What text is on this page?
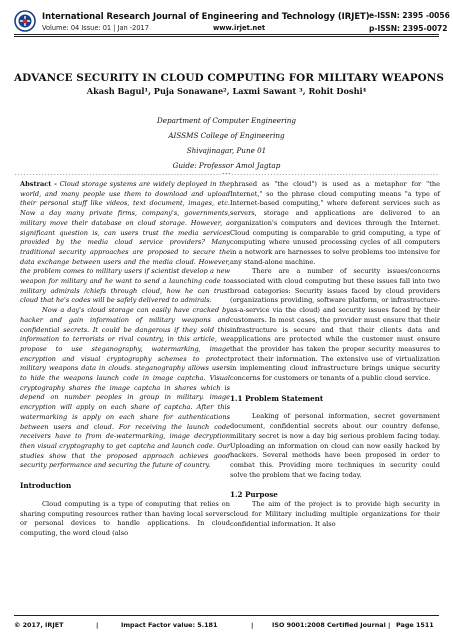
International Research Journal of Engineering and Technology (IRJET) e-ISSN: 2395 -0056
Volume: 04 Issue: 01 | Jan -2017	www.irjet.net	p-ISSN: 2395-0072
ADVANCE SECURITY IN CLOUD COMPUTING FOR MILITARY WEAPONS
Akash Bagul¹, Puja Sonawane², Laxmi Sawant ³, Rohit Doshi⁴
Department of Computer Engineering
AISSMS College of Engineering
Shivajinagar, Pune 01
Guide: Professor Amol Jagtap
---------------------------------------------------------------------***---------------------------------------------------------------------

Abstract - Cloud storage systems are widely deployed in the world, and many people use them to download and upload their personal stuff like videos, text document, images, etc. Now a day many private firms, company's, governments, military move their database on cloud storage. However, a significant question is, can users trust the media services provided by the media cloud service providers? Many traditional security approaches are proposed to secure the data exchange between users and the media cloud. However, the problem comes to military users if scientist develop a new weapon for military and he want to send a launching code to military admirals /chiefs through cloud, how he can trust cloud that he's codes will be safely delivered to admirals.

Now a day's cloud storage can easily have cracked by hacker and gain information of military weapons and confidential secrets. It could be dangerous if they sold this information to terrorists or rival country, in this article, we propose to use steganography, watermarking, image encryption and visual cryptography schemes to protect military weapons data in clouds. steganography allows users to hide the weapons launch code in image captcha. Visual cryptography shares the image captcha in shares which is depend on number peoples in group in military. image encryption will apply on each share of captcha. After this watermarking is apply on each share for authentications between users and cloud. For receiving the launch code receivers have to from de-watermarking, image decryption then visual cryptography to get captcha and launch code. Our studies show that the proposed approach achieves good security performance and securing the future of country.

Introduction

Cloud computing is a type of computing that relies on sharing computing resources rather than having local servers or personal devices to handle applications. In cloud computing, the word cloud (also

phrased as "the cloud") is used as a metaphor for "the Internet," so the phrase cloud computing means "a type of Internet-based computing," where deferent services such as servers, storage and applications are delivered to an organization's computers and devices through the Internet. Cloud computing is comparable to grid computing, a type of computing where unused processing cycles of all computers in a network are harnesses to solve problems too intensive for any stand-alone machine.

There are a number of security issues/concerns associated with cloud computing but these issues fall into two broad categories: Security issues faced by cloud providers (organizations providing, software platform, or infrastructure-as-a-service via the cloud) and security issues faced by their customers. In most cases, the provider must ensure that their infrastructure is secure and that their clients data and applications are protected while the customer must ensure that the provider has taken the proper security measures to protect their information. The extensive use of virtualization in implementing cloud infrastructure brings unique security concerns for customers or tenants of a public cloud service.

1.1 Problem Statement

Leaking of personal information, secret government document, confidential secrets about our country defense, military secret is now a day big serious problem facing today. Uploading an information on cloud can now easily hacked by hackers. Several methods have been proposed in order to combat this. Providing more techniques in security could solve the problem that we facing today.

1.2 Purpose

The aim of the project is to provide high security in cloud for Military including multiple organizations for their confidential information. It also

© 2017, IRJET	|	Impact Factor value: 5.181	|	ISO 9001:2008 Certified Journal | Page 1511
